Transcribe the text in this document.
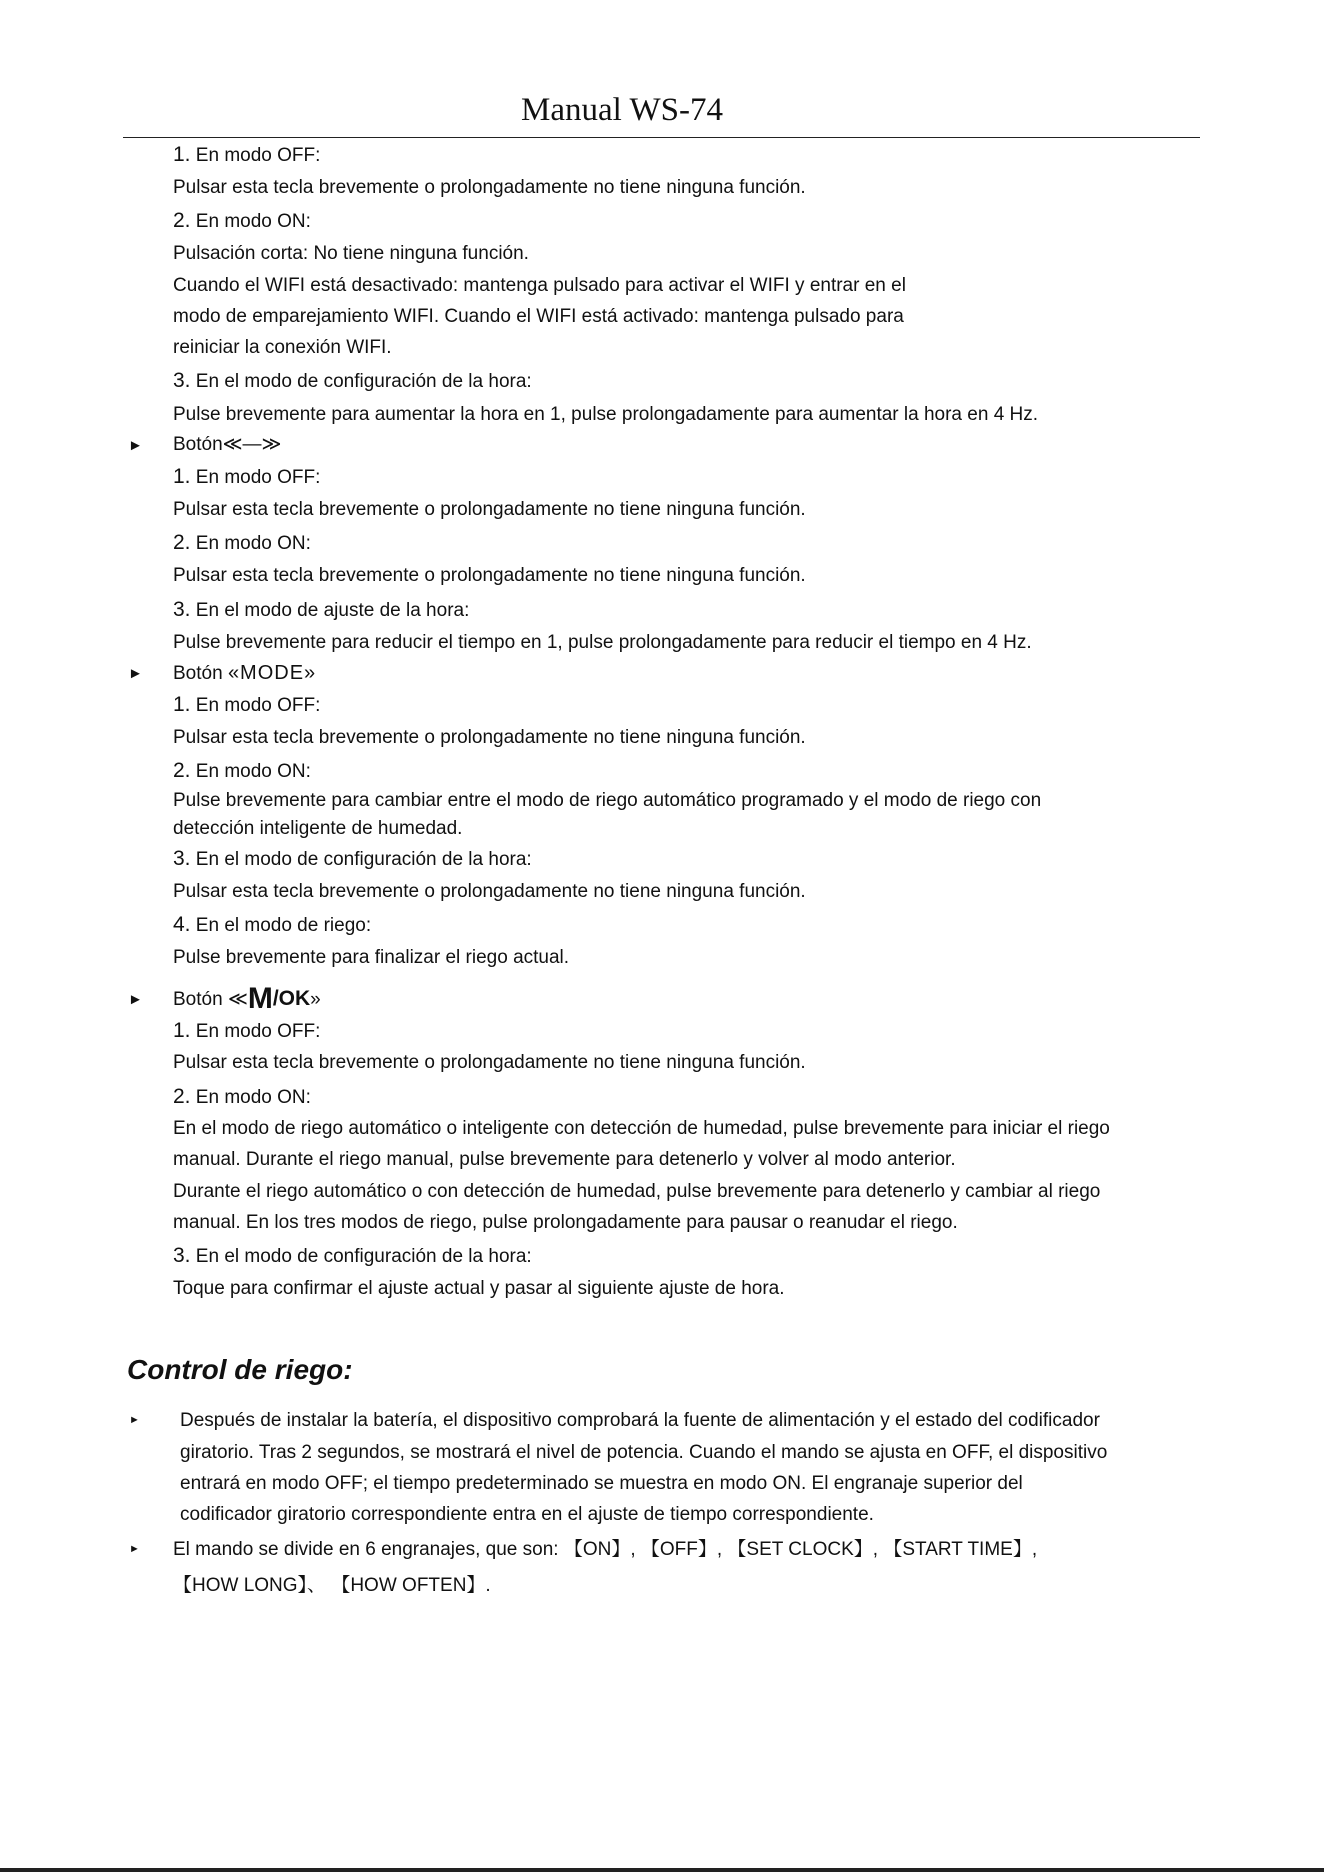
Manual WS-74
1. En modo OFF:
Pulsar esta tecla brevemente o prolongadamente no tiene ninguna función.
2. En modo ON:
Pulsación corta: No tiene ninguna función.
Cuando el WIFI está desactivado: mantenga pulsado para activar el WIFI y entrar en el
modo de emparejamiento WIFI. Cuando el WIFI está activado: mantenga pulsado para
reiniciar la conexión WIFI.
3. En el modo de configuración de la hora:
Pulse brevemente para aumentar la hora en 1, pulse prolongadamente para aumentar la hora en 4 Hz.
► Botón≪—≫
1. En modo OFF:
Pulsar esta tecla brevemente o prolongadamente no tiene ninguna función.
2. En modo ON:
Pulsar esta tecla brevemente o prolongadamente no tiene ninguna función.
3. En el modo de ajuste de la hora:
Pulse brevemente para reducir el tiempo en 1, pulse prolongadamente para reducir el tiempo en 4 Hz.
► Botón «MODE»
1. En modo OFF:
Pulsar esta tecla brevemente o prolongadamente no tiene ninguna función.
2. En modo ON:
Pulse brevemente para cambiar entre el modo de riego automático programado y el modo de riego con
detección inteligente de humedad.
3. En el modo de configuración de la hora:
Pulsar esta tecla brevemente o prolongadamente no tiene ninguna función.
4. En el modo de riego:
Pulse brevemente para finalizar el riego actual.
► Botón ≪M/OK»
1. En modo OFF:
Pulsar esta tecla brevemente o prolongadamente no tiene ninguna función.
2. En modo ON:
En el modo de riego automático o inteligente con detección de humedad, pulse brevemente para iniciar el riego
manual. Durante el riego manual, pulse brevemente para detenerlo y volver al modo anterior.
Durante el riego automático o con detección de humedad, pulse brevemente para detenerlo y cambiar al riego
manual. En los tres modos de riego, pulse prolongadamente para pausar o reanudar el riego.
3. En el modo de configuración de la hora:
Toque para confirmar el ajuste actual y pasar al siguiente ajuste de hora.
Control de riego:
► Después de instalar la batería, el dispositivo comprobará la fuente de alimentación y el estado del codificador
giratorio. Tras 2 segundos, se mostrará el nivel de potencia. Cuando el mando se ajusta en OFF, el dispositivo
entrará en modo OFF; el tiempo predeterminado se muestra en modo ON. El engranaje superior del
codificador giratorio correspondiente entra en el ajuste de tiempo correspondiente.
► El mando se divide en 6 engranajes, que son: 【ON】, 【OFF】, 【SET CLOCK】, 【START TIME】,
【HOW LONG】、 【HOW OFTEN】.
